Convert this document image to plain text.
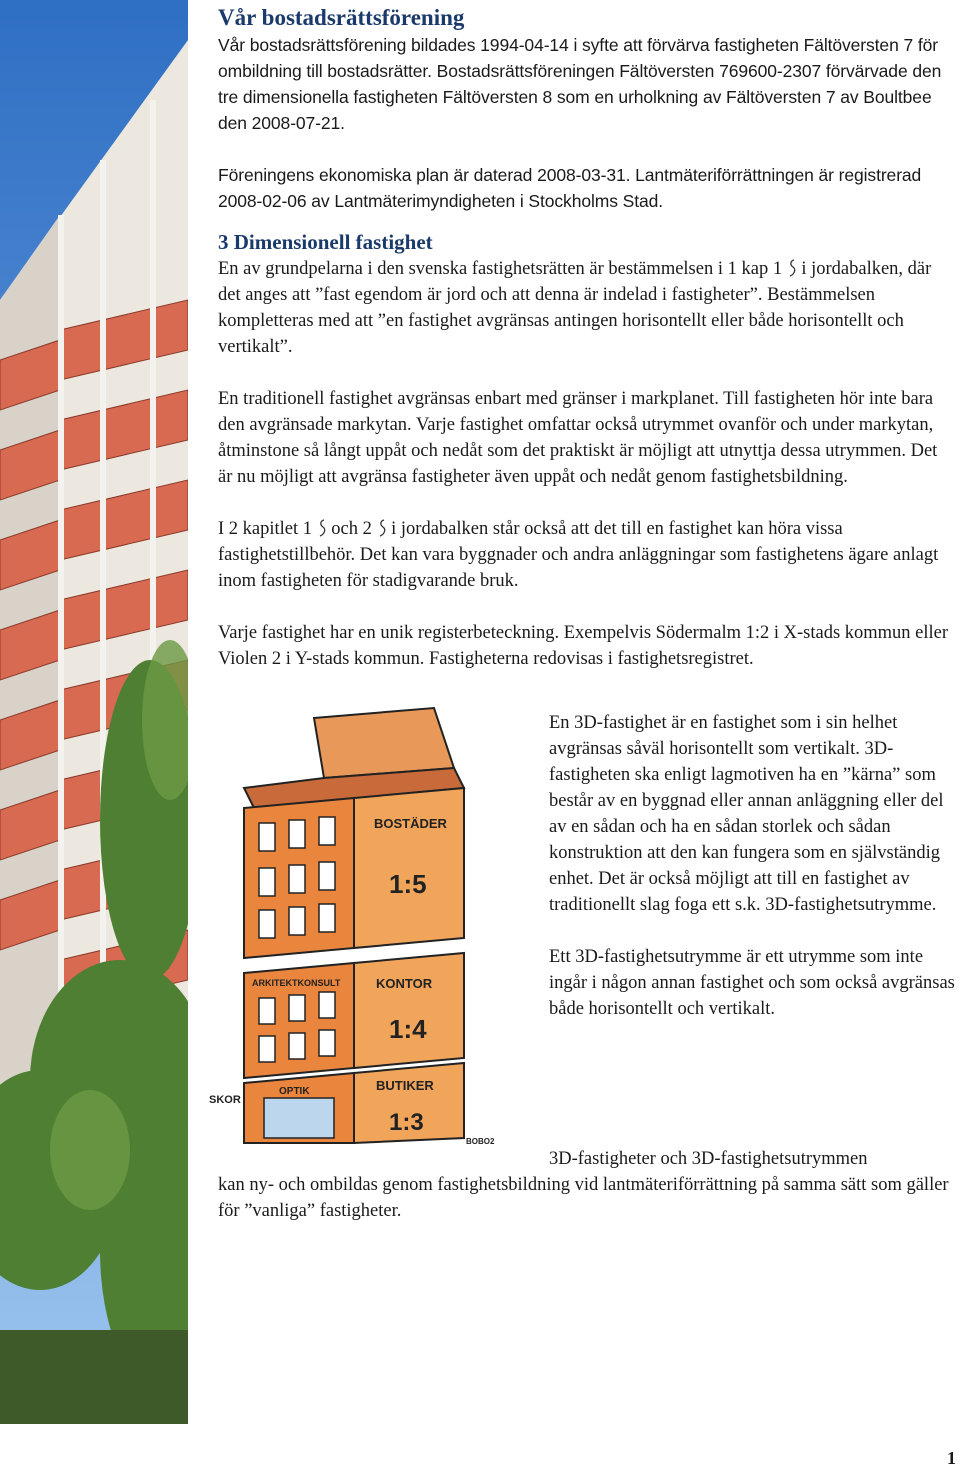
Vår bostadsrättsförening

Vår bostadsrättsförening bildades 1994-04-14 i syfte att förvärva fastigheten Fältöversten 7 för ombildning till bostadsrätter. Bostadsrättsföreningen Fältöversten 769600-2307 förvärvade den tre dimensionella fastigheten Fältöversten 8 som en urholkning av Fältöversten 7 av Boultbee den 2008-07-21.

Föreningens ekonomiska plan är daterad 2008-03-31. Lantmäteriförrättningen är registrerad 2008-02-06 av Lantmäterimyndigheten i Stockholms Stad.

3 Dimensionell fastighet

En av grundpelarna i den svenska fastighetsrätten är bestämmelsen i 1 kap 1  i jordabalken, där det anges att ”fast egendom är jord och att denna är indelad i fastigheter”. Bestämmelsen kompletteras med att ”en fastighet avgränsas antingen horisontellt eller både horisontellt och vertikalt”.

En traditionell fastighet avgränsas enbart med gränser i markplanet. Till fastigheten hör inte bara den avgränsade markytan. Varje fastighet omfattar också utrymmet ovanför och under markytan, åtminstone så långt uppåt och nedåt som det praktiskt är möjligt att utnyttja dessa utrymmen. Det är nu möjligt att avgränsa fastigheter även uppåt och nedåt genom fastighetsbildning.

I 2 kapitlet 1  och 2  i jordabalken står också att det till en fastighet kan höra vissa fastighetstillbehör. Det kan vara byggnader och andra anläggningar som fastighetens ägare anlagt inom fastigheten för stadigvarande bruk.

Varje fastighet har en unik registerbeteckning. Exempelvis Södermalm 1:2 i X-stads kommun eller Violen 2 i Y-stads kommun. Fastigheterna redovisas i fastighetsregistret.

BOSTÄDER
1:5
ARKITEKTKONSULT	KONTOR
1:4
OPTIK	BUTIKER
1:3
SKOR
BOBO2

En 3D-fastighet är en fastighet som i sin helhet avgränsas såväl horisontellt som vertikalt. 3D-fastigheten ska enligt lagmotiven ha en ”kärna” som består av en byggnad eller annan anläggning eller del av en sådan och ha en sådan storlek och sådan konstruktion att den kan fungera som en självständig enhet. Det är också möjligt att till en fastighet av traditionellt slag foga ett s.k. 3D-fastighetsutrymme.

Ett 3D-fastighetsutrymme är ett utrymme som inte ingår i någon annan fastighet och som också avgränsas både horisontellt och vertikalt.

3D-fastigheter och 3D-fastighetsutrymmen
kan ny- och ombildas genom fastighetsbildning vid lantmäteriförrättning på samma sätt som gäller för ”vanliga” fastigheter.

1
